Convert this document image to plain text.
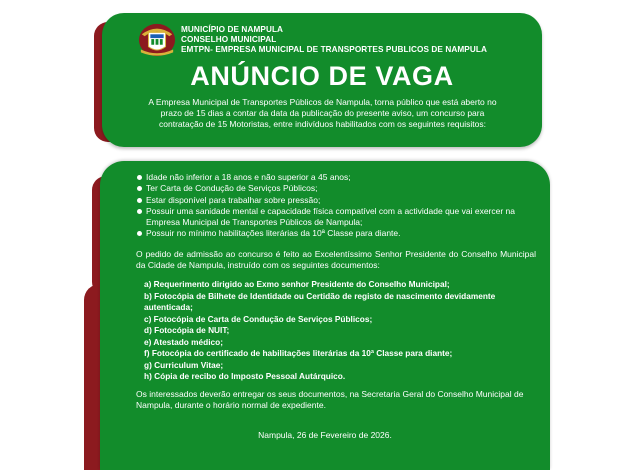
MUNICÍPIO DE NAMPULA
CONSELHO MUNICIPAL
EMTPN- EMPRESA MUNICIPAL DE TRANSPORTES PUBLICOS DE NAMPULA
ANÚNCIO DE VAGA
A Empresa Municipal de Transportes Públicos de Nampula, torna público que está aberto no prazo de 15 dias a contar da data da publicação do presente aviso, um concurso para contratação de 15 Motoristas, entre indivíduos habilitados com os seguintes requisitos:
Idade não inferior a 18 anos e não superior a 45 anos;
Ter Carta de Condução de Serviços Públicos;
Estar disponível para trabalhar sobre pressão;
Possuir uma sanidade mental e capacidade física compatível com a actividade que vai exercer na Empresa Municipal de Transportes Públicos de Nampula;
Possuir no mínimo habilitações literárias da 10ª Classe para diante.
O pedido de admissão ao concurso é feito ao Excelentíssimo Senhor Presidente do Conselho Municipal da Cidade de Nampula, instruído com os seguintes documentos:
a) Requerimento dirigido ao Exmo senhor Presidente do Conselho Municipal;
b) Fotocópia de Bilhete de Identidade ou Certidão de registo de nascimento devidamente autenticada;
c) Fotocópia de Carta de Condução de Serviços Públicos;
d) Fotocópia de NUIT;
e) Atestado médico;
f) Fotocópia do certificado de habilitações literárias da 10ª Classe para diante;
g) Curriculum Vitae;
h) Cópia de recibo do Imposto Pessoal Autárquico.
Os interessados deverão entregar os seus documentos, na Secretaria Geral do Conselho Municipal de Nampula, durante o horário normal de expediente.
Nampula, 26 de Fevereiro de 2026.
